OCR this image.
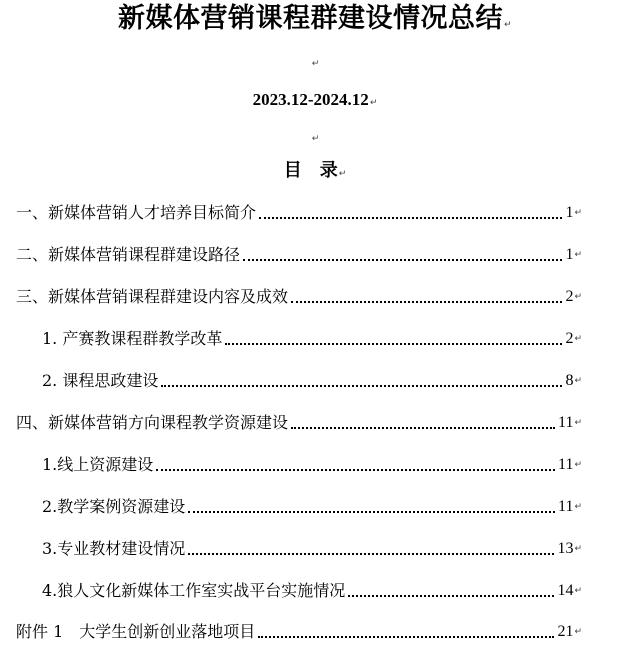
新媒体营销课程群建设情况总结↵
↵
2023.12-2024.12↵
↵
目 录↵
一、新媒体营销人才培养目标简介	1 ↵
二、新媒体营销课程群建设路径	1 ↵
三、新媒体营销课程群建设内容及成效	2 ↵
1. 产赛教课程群教学改革	2 ↵
2. 课程思政建设	8 ↵
四、新媒体营销方向课程教学资源建设	11 ↵
1.线上资源建设	11 ↵
2.教学案例资源建设	11 ↵
3.专业教材建设情况	13 ↵
4.狼人文化新媒体工作室实战平台实施情况	14 ↵
附件 1　大学生创新创业落地项目	21 ↵
